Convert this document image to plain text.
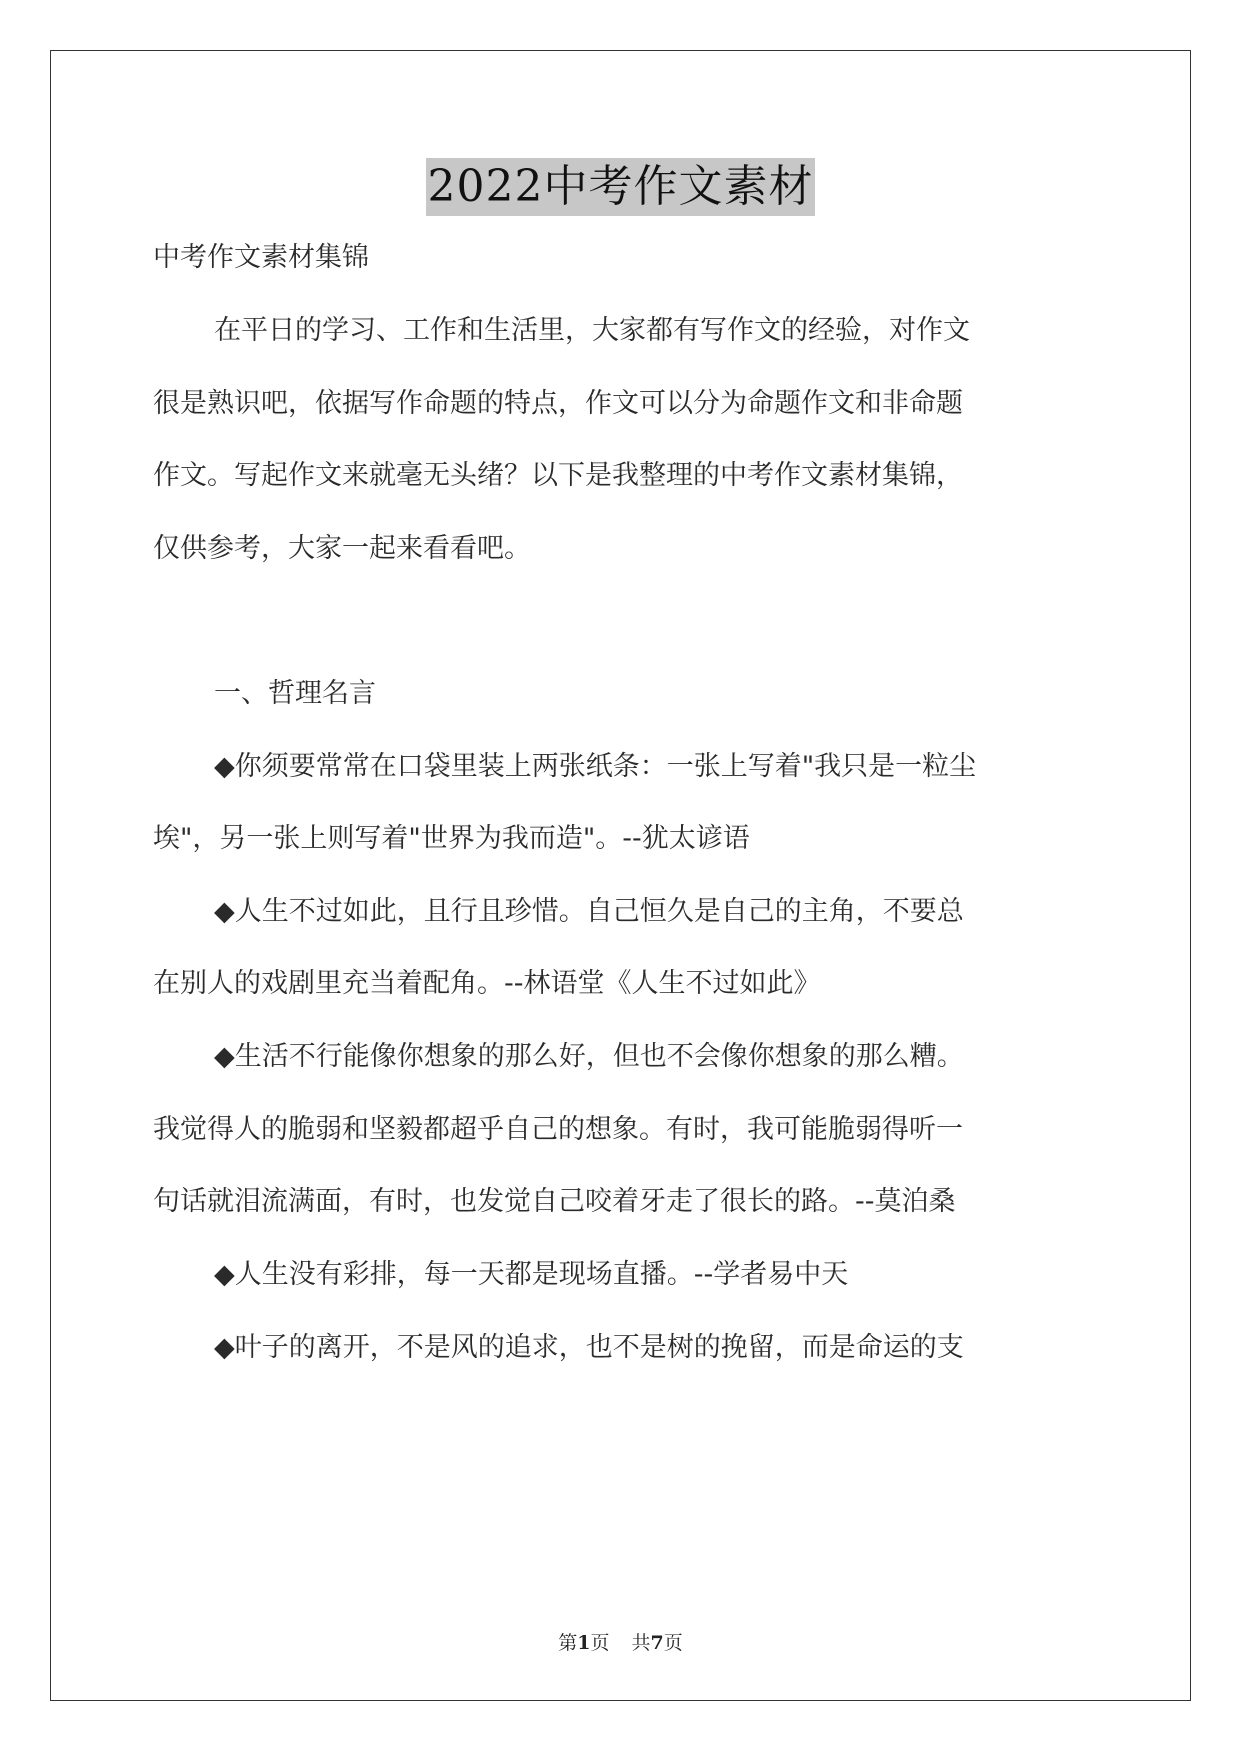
2022中考作文素材
中考作文素材集锦
在平日的学习、工作和生活里，大家都有写作文的经验，对作文
很是熟识吧，依据写作命题的特点，作文可以分为命题作文和非命题
作文。写起作文来就毫无头绪？以下是我整理的中考作文素材集锦，
仅供参考，大家一起来看看吧。
一、哲理名言
◆你须要常常在口袋里装上两张纸条：一张上写着"我只是一粒尘
埃"，另一张上则写着"世界为我而造"。--犹太谚语
◆人生不过如此，且行且珍惜。自己恒久是自己的主角，不要总
在别人的戏剧里充当着配角。--林语堂《人生不过如此》
◆生活不行能像你想象的那么好，但也不会像你想象的那么糟。
我觉得人的脆弱和坚毅都超乎自己的想象。有时，我可能脆弱得听一
句话就泪流满面，有时，也发觉自己咬着牙走了很长的路。--莫泊桑
◆人生没有彩排，每一天都是现场直播。--学者易中天
◆叶子的离开，不是风的追求，也不是树的挽留，而是命运的支
第1页 共7页
